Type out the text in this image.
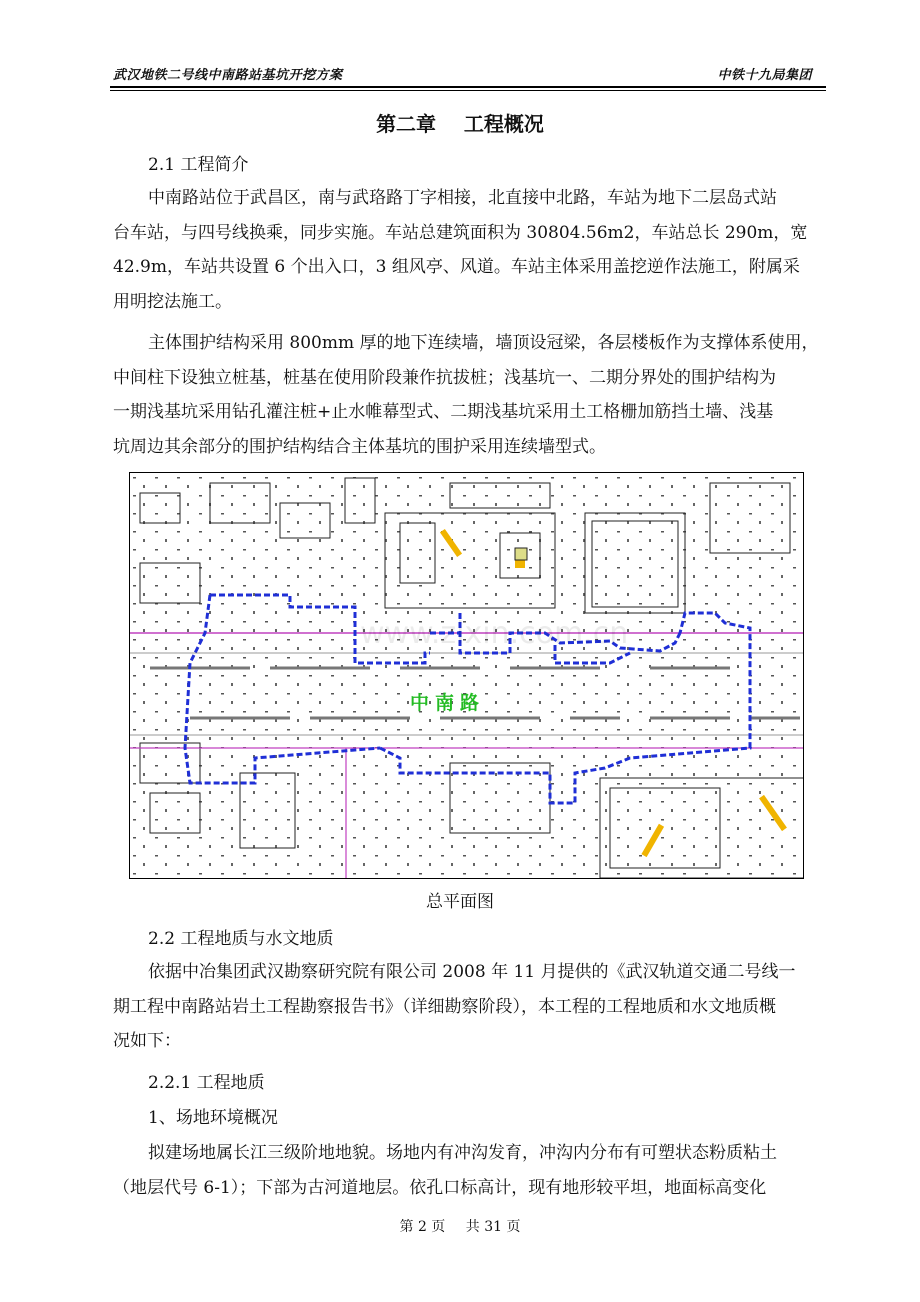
武汉地铁二号线中南路站基坑开挖方案	中铁十九局集团
第二章 工程概况
2.1 工程简介
中南路站位于武昌区，南与武珞路丁字相接，北直接中北路，车站为地下二层岛式站
台车站，与四号线换乘，同步实施。车站总建筑面积为 30804.56m2，车站总长 290m，宽
42.9m，车站共设置 6 个出入口，3 组风亭、风道。车站主体采用盖挖逆作法施工，附属采
用明挖法施工。
主体围护结构采用 800mm 厚的地下连续墙，墙顶设冠梁，各层楼板作为支撑体系使用，
中间柱下设独立桩基，桩基在使用阶段兼作抗拔桩；浅基坑一、二期分界处的围护结构为
一期浅基坑采用钻孔灌注桩+止水帷幕型式、二期浅基坑采用土工格栅加筋挡土墙、浅基
坑周边其余部分的围护结构结合主体基坑的围护采用连续墙型式。
www.zixin.com.cn
中南路
总平面图
2.2 工程地质与水文地质
依据中冶集团武汉勘察研究院有限公司 2008 年 11 月提供的《武汉轨道交通二号线一
期工程中南路站岩土工程勘察报告书》（详细勘察阶段），本工程的工程地质和水文地质概
况如下：
2.2.1 工程地质
1、场地环境概况
拟建场地属长江三级阶地地貌。场地内有冲沟发育，冲沟内分布有可塑状态粉质粘土
（地层代号 6-1）；下部为古河道地层。依孔口标高计，现有地形较平坦，地面标高变化
第 2 页 共 31 页
